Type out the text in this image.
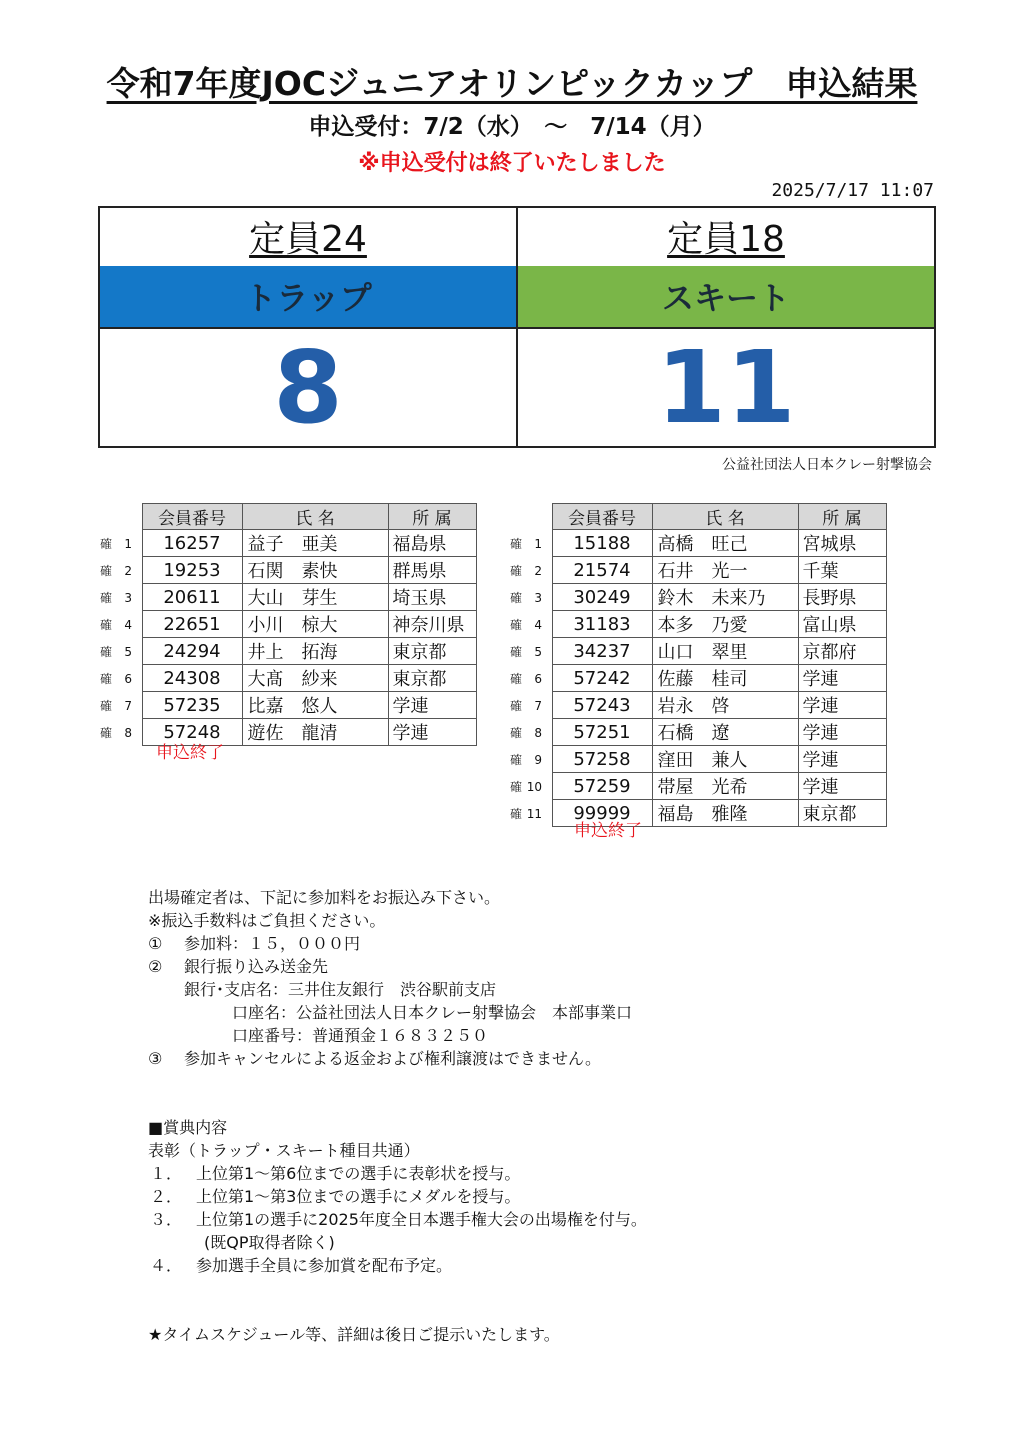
令和7年度JOCジュニアオリンピックカップ　申込結果
申込受付：7/2（水）　～　7/14（月）
※申込受付は終了いたしました
2025/7/17 11:07
定員24
トラップ
8
定員18
スキート
11
公益社団法人日本クレー射撃協会
	会員番号	氏 名	所 属
確 1	16257	益子　亜美	福島県
確 2	19253	石関　素快	群馬県
確 3	20611	大山　芽生	埼玉県
確 4	22651	小川　椋大	神奈川県
確 5	24294	井上　拓海	東京都
確 6	24308	大髙　紗来	東京都
確 7	57235	比嘉　悠人	学連
確 8	57248	遊佐　龍清	学連
申込終了
	会員番号	氏 名	所 属
確 1	15188	高橋　旺己	宮城県
確 2	21574	石井　光一	千葉
確 3	30249	鈴木　未来乃	長野県
確 4	31183	本多　乃愛	富山県
確 5	34237	山口　翠里	京都府
確 6	57242	佐藤　桂司	学連
確 7	57243	岩永　啓	学連
確 8	57251	石橋　遼	学連
確 9	57258	窪田　兼人	学連
確 10	57259	帯屋　光希	学連
確 11	99999	福島　雅隆	東京都
申込終了
出場確定者は、下記に参加料をお振込み下さい。
※振込手数料はご負担ください。
① 参加料：１５，０００円
② 銀行振り込み送金先
銀行･支店名：三井住友銀行　渋谷駅前支店
口座名：公益社団法人日本クレー射撃協会　本部事業口
口座番号：普通預金１６８３２５０
③ 参加キャンセルによる返金および権利譲渡はできません。
■賞典内容
表彰（トラップ・スキート種目共通）
１． 上位第1～第6位までの選手に表彰状を授与。
２． 上位第1～第3位までの選手にメダルを授与。
３． 上位第1の選手に2025年度全日本選手権大会の出場権を付与。
(既QP取得者除く)
４． 参加選手全員に参加賞を配布予定。
★タイムスケジュール等、詳細は後日ご提示いたします。
